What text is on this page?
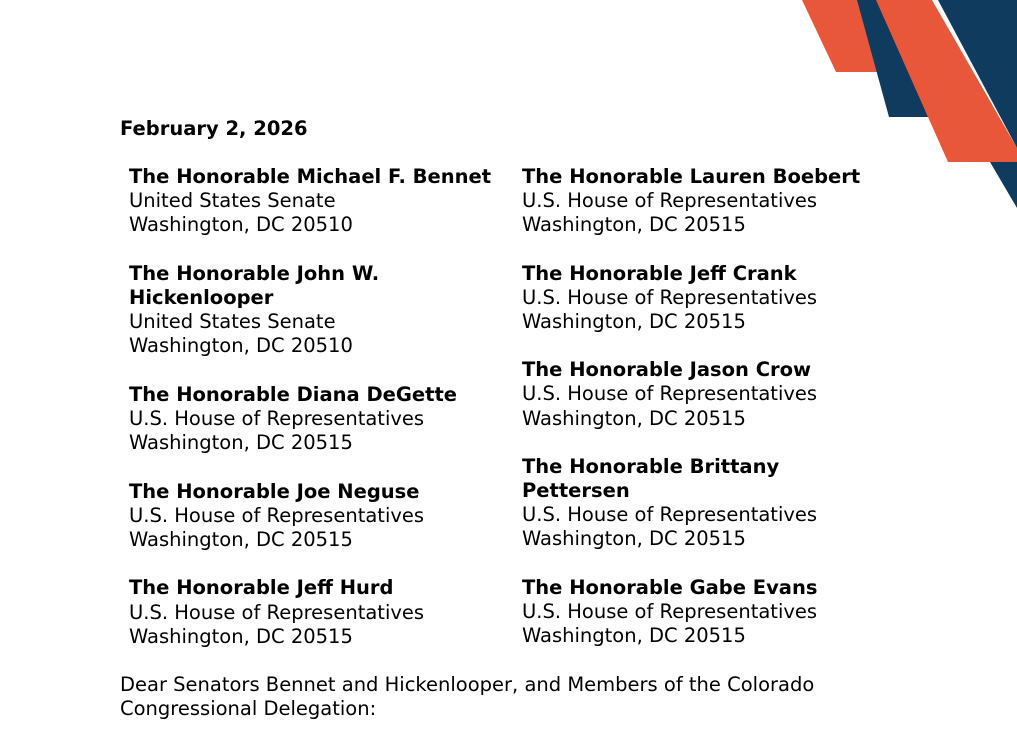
February 2, 2026
The Honorable Michael F. Bennet
United States Senate
Washington, DC 20510
The Honorable John W. Hickenlooper
United States Senate
Washington, DC 20510
The Honorable Diana DeGette
U.S. House of Representatives
Washington, DC 20515
The Honorable Joe Neguse
U.S. House of Representatives
Washington, DC 20515
The Honorable Jeff Hurd
U.S. House of Representatives
Washington, DC 20515
The Honorable Lauren Boebert
U.S. House of Representatives
Washington, DC 20515
The Honorable Jeff Crank
U.S. House of Representatives
Washington, DC 20515
The Honorable Jason Crow
U.S. House of Representatives
Washington, DC 20515
The Honorable Brittany Pettersen
U.S. House of Representatives
Washington, DC 20515
The Honorable Gabe Evans
U.S. House of Representatives
Washington, DC 20515
Dear Senators Bennet and Hickenlooper, and Members of the Colorado Congressional Delegation:
